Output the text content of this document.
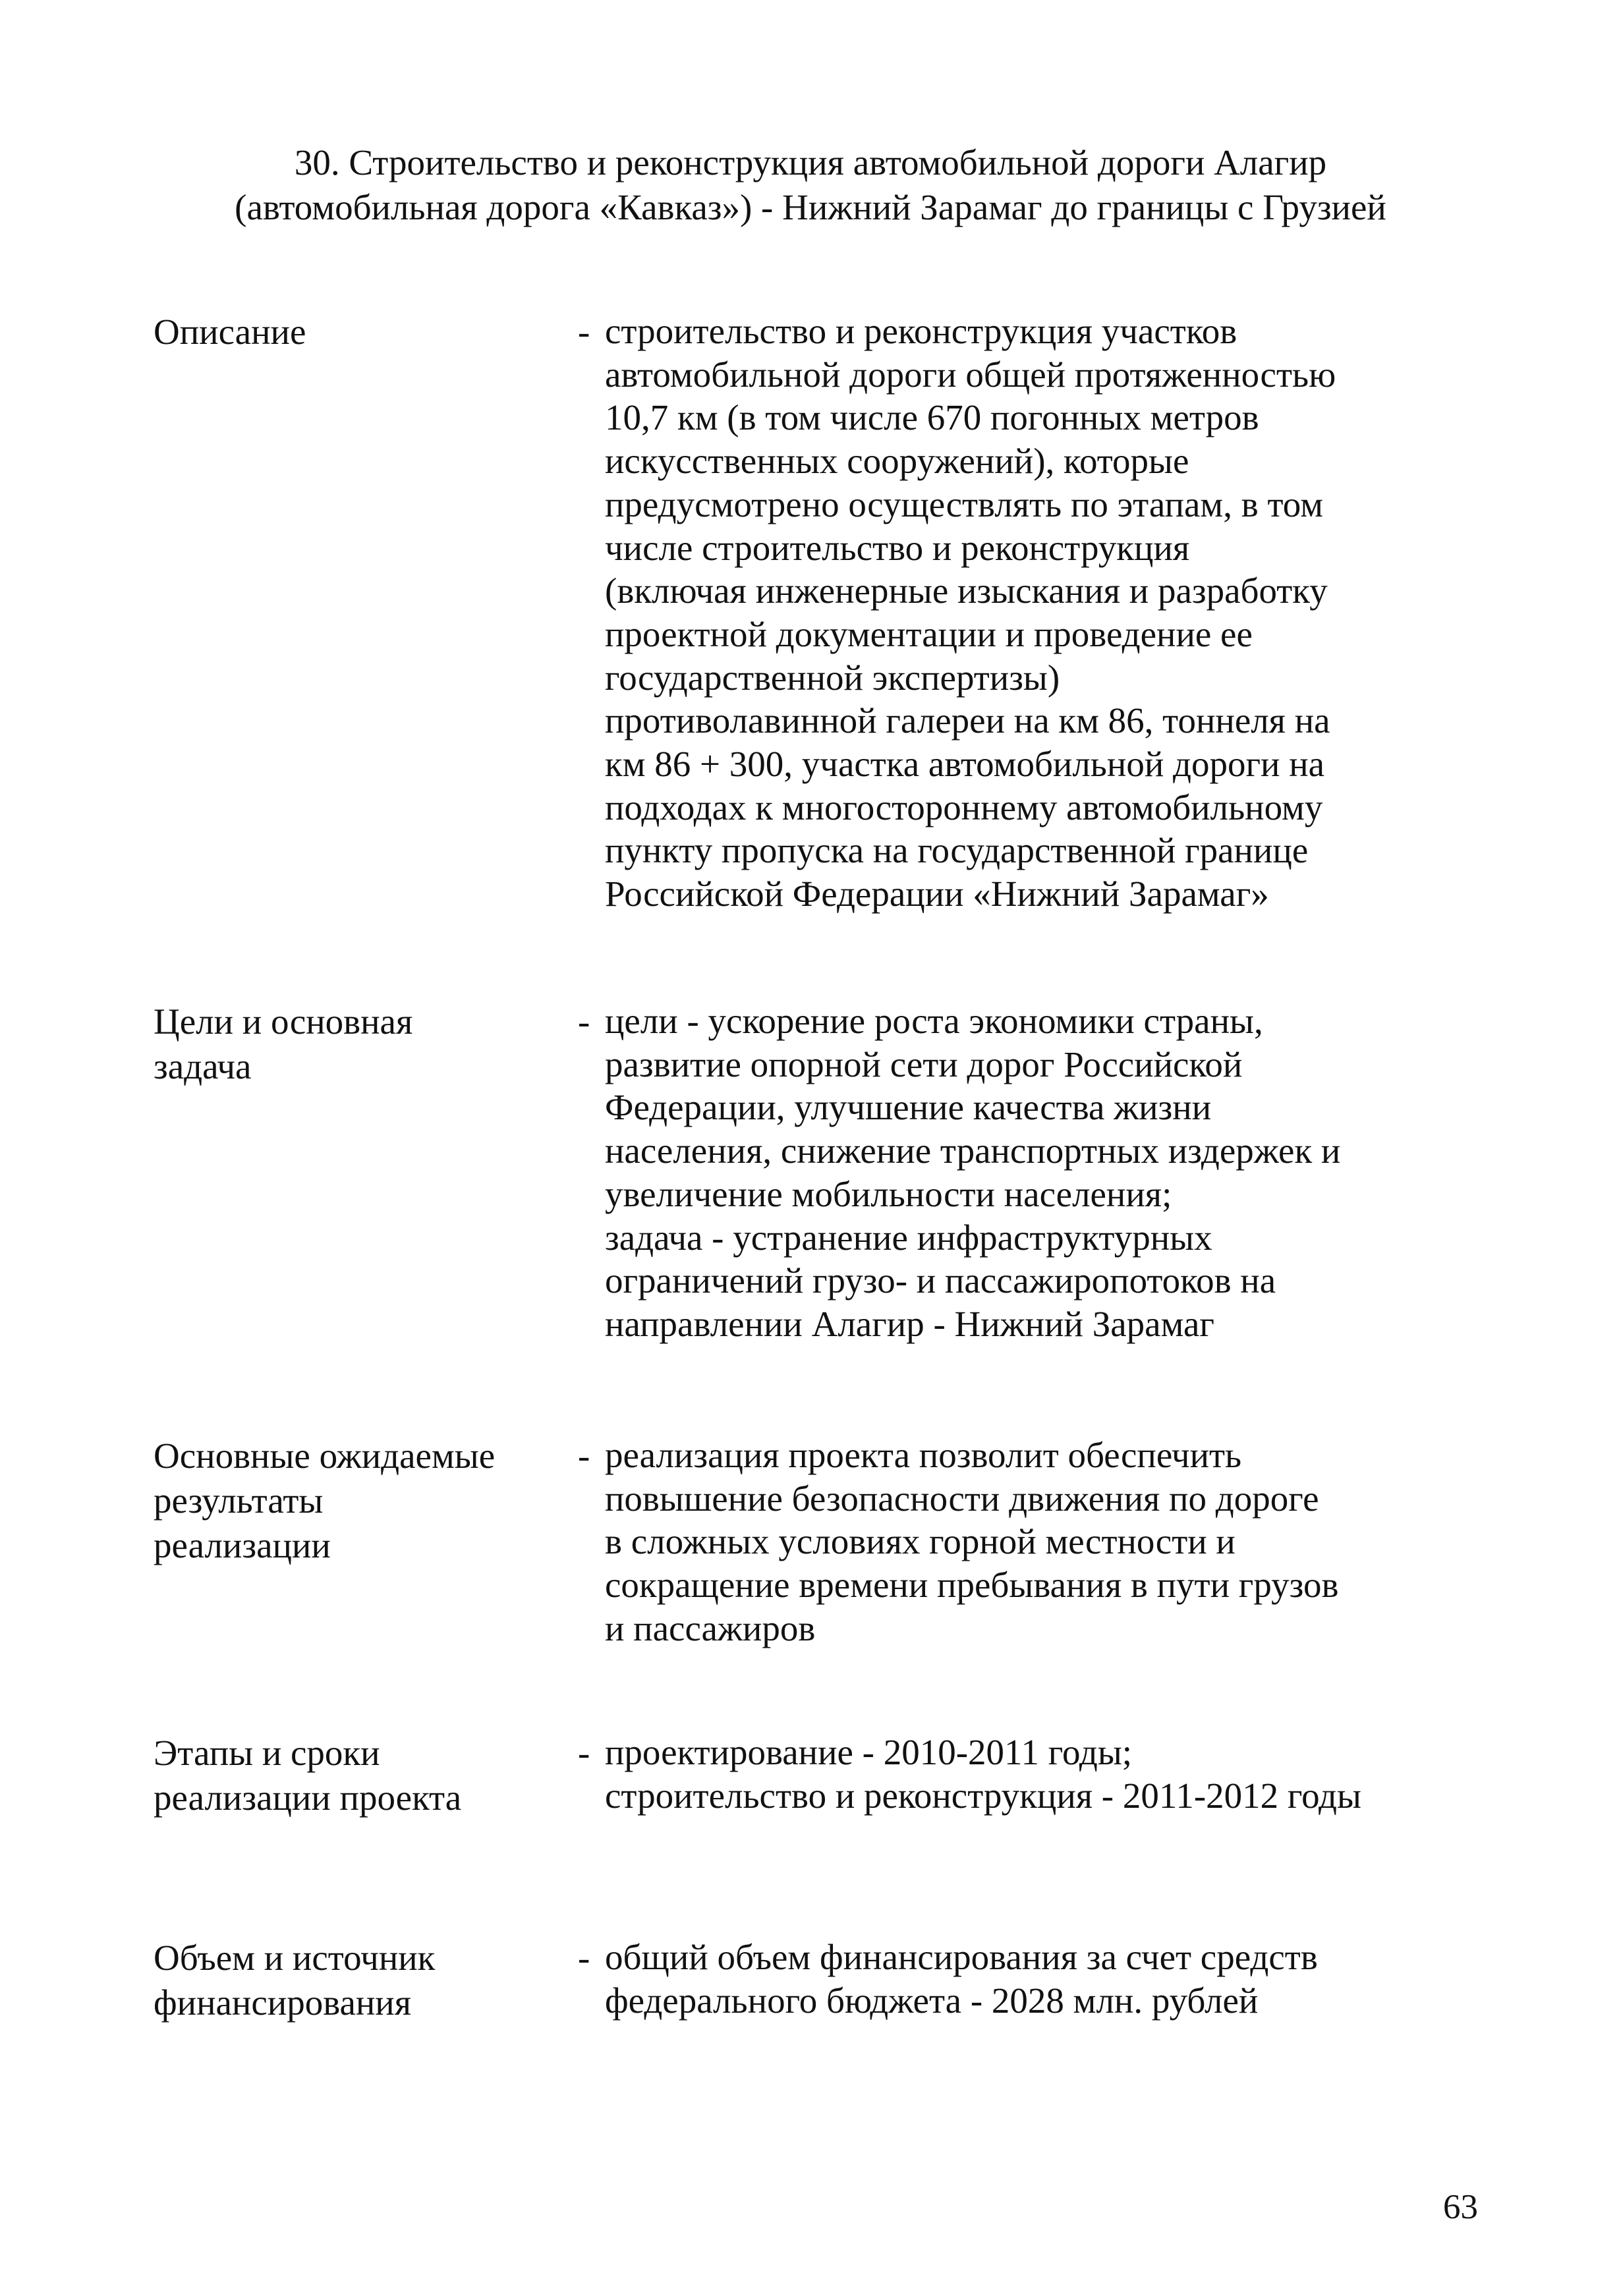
30. Строительство и реконструкция автомобильной дороги Алагир
(автомобильная дорога «Кавказ») - Нижний Зарамаг до границы с Грузией
Описание	- строительство и реконструкция участков
автомобильной дороги общей протяженностью
10,7 км (в том числе 670 погонных метров
искусственных сооружений), которые
предусмотрено осуществлять по этапам, в том
числе строительство и реконструкция
(включая инженерные изыскания и разработку
проектной документации и проведение ее
государственной экспертизы)
противолавинной галереи на км 86, тоннеля на
км 86 + 300, участка автомобильной дороги на
подходах к многостороннему автомобильному
пункту пропуска на государственной границе
Российской Федерации «Нижний Зарамаг»
Цели и основная
задача
- цели - ускорение роста экономики страны,
развитие опорной сети дорог Российской
Федерации, улучшение качества жизни
населения, снижение транспортных издержек и
увеличение мобильности населения;
задача - устранение инфраструктурных
ограничений грузо- и пассажиропотоков на
направлении Алагир - Нижний Зарамаг
Основные ожидаемые
результаты
реализации
- реализация проекта позволит обеспечить
повышение безопасности движения по дороге
в сложных условиях горной местности и
сокращение времени пребывания в пути грузов
и пассажиров
Этапы и сроки
реализации проекта
- проектирование - 2010-2011 годы;
строительство и реконструкция - 2011-2012 годы
Объем и источник
финансирования
- общий объем финансирования за счет средств
федерального бюджета - 2028 млн. рублей
63
